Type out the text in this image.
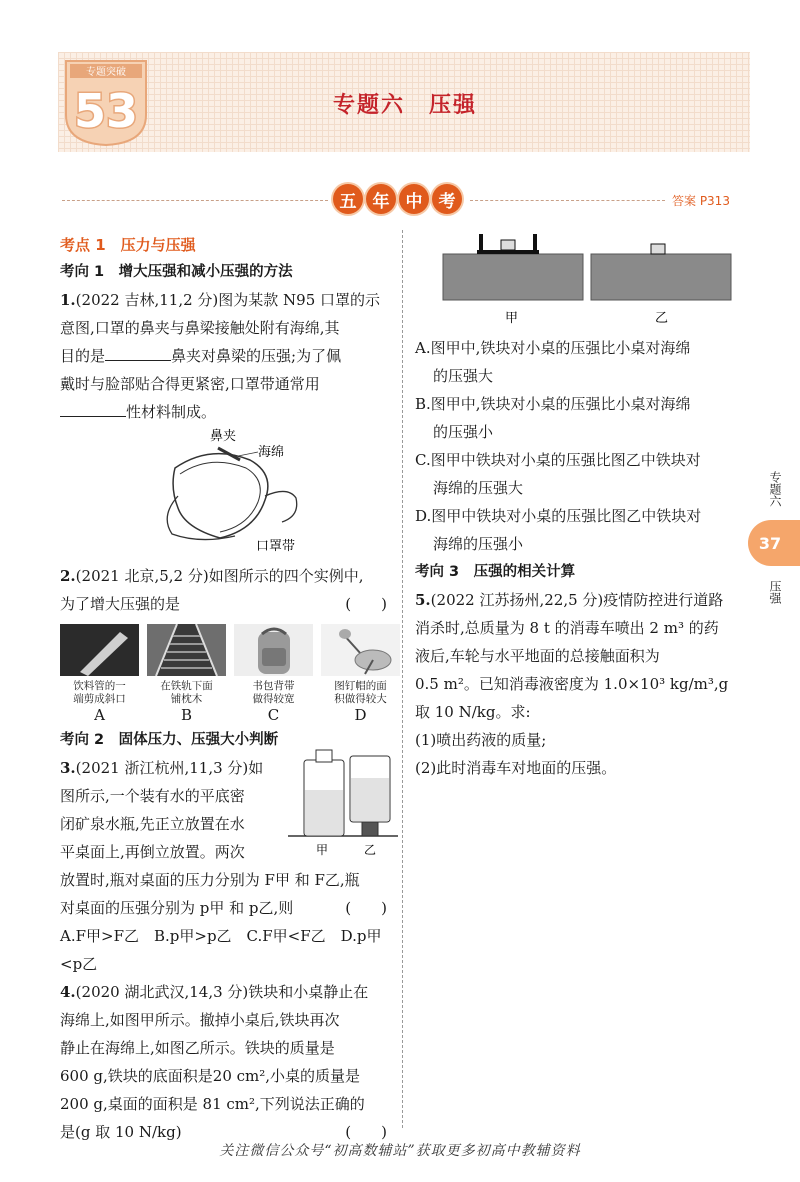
专题突破
53	专题六　压强
五 年 中 考	答案 P313
考点 1　压力与压强
考向 1　增大压强和减小压强的方法
1.(2022 吉林,11,2 分)图为某款 N95 口罩的示
意图,口罩的鼻夹与鼻梁接触处附有海绵,其
目的是	鼻夹对鼻梁的压强;为了佩
戴时与脸部贴合得更紧密,口罩带通常用
性材料制成。
鼻夹
海绵
口罩带
2.(2021 北京,5,2 分)如图所示的四个实例中,
为了增大压强的是	(　　)
饮料管的一
端剪成斜口
A
在铁轨下面
铺枕木
B
书包背带
做得较宽
C
图钉帽的面
积做得较大
D
考向 2　固体压力、压强大小判断
3.(2021 浙江杭州,11,3 分)如
图所示,一个装有水的平底密
闭矿泉水瓶,先正立放置在水
平桌面上,再倒立放置。两次
放置时,瓶对桌面的压力分别为 F甲 和 F乙,瓶
对桌面的压强分别为 p甲 和 p乙,则	(　　)
A.F甲>F乙　B.p甲>p乙　C.F甲<F乙　D.p甲<p乙
甲	乙
4.(2020 湖北武汉,14,3 分)铁块和小桌静止在
海绵上,如图甲所示。撤掉小桌后,铁块再次
静止在海绵上,如图乙所示。铁块的质量是
600 g,铁块的底面积是20 cm²,小桌的质量是
200 g,桌面的面积是 81 cm²,下列说法正确的
是(g 取 10 N/kg)	(　　)
甲	乙
A.图甲中,铁块对小桌的压强比小桌对海绵
的压强大
B.图甲中,铁块对小桌的压强比小桌对海绵
的压强小
C.图甲中铁块对小桌的压强比图乙中铁块对
海绵的压强大
D.图甲中铁块对小桌的压强比图乙中铁块对
海绵的压强小
考向 3　压强的相关计算
5.(2022 江苏扬州,22,5 分)疫情防控进行道路
消杀时,总质量为 8 t 的消毒车喷出 2 m³ 的药
液后,车轮与水平地面的总接触面积为
0.5 m²。已知消毒液密度为 1.0×10³ kg/m³,g
取 10 N/kg。求:
(1)喷出药液的质量;
(2)此时消毒车对地面的压强。
专题六
37
压强
关注微信公众号“初高数辅站”获取更多初高中教辅资料
